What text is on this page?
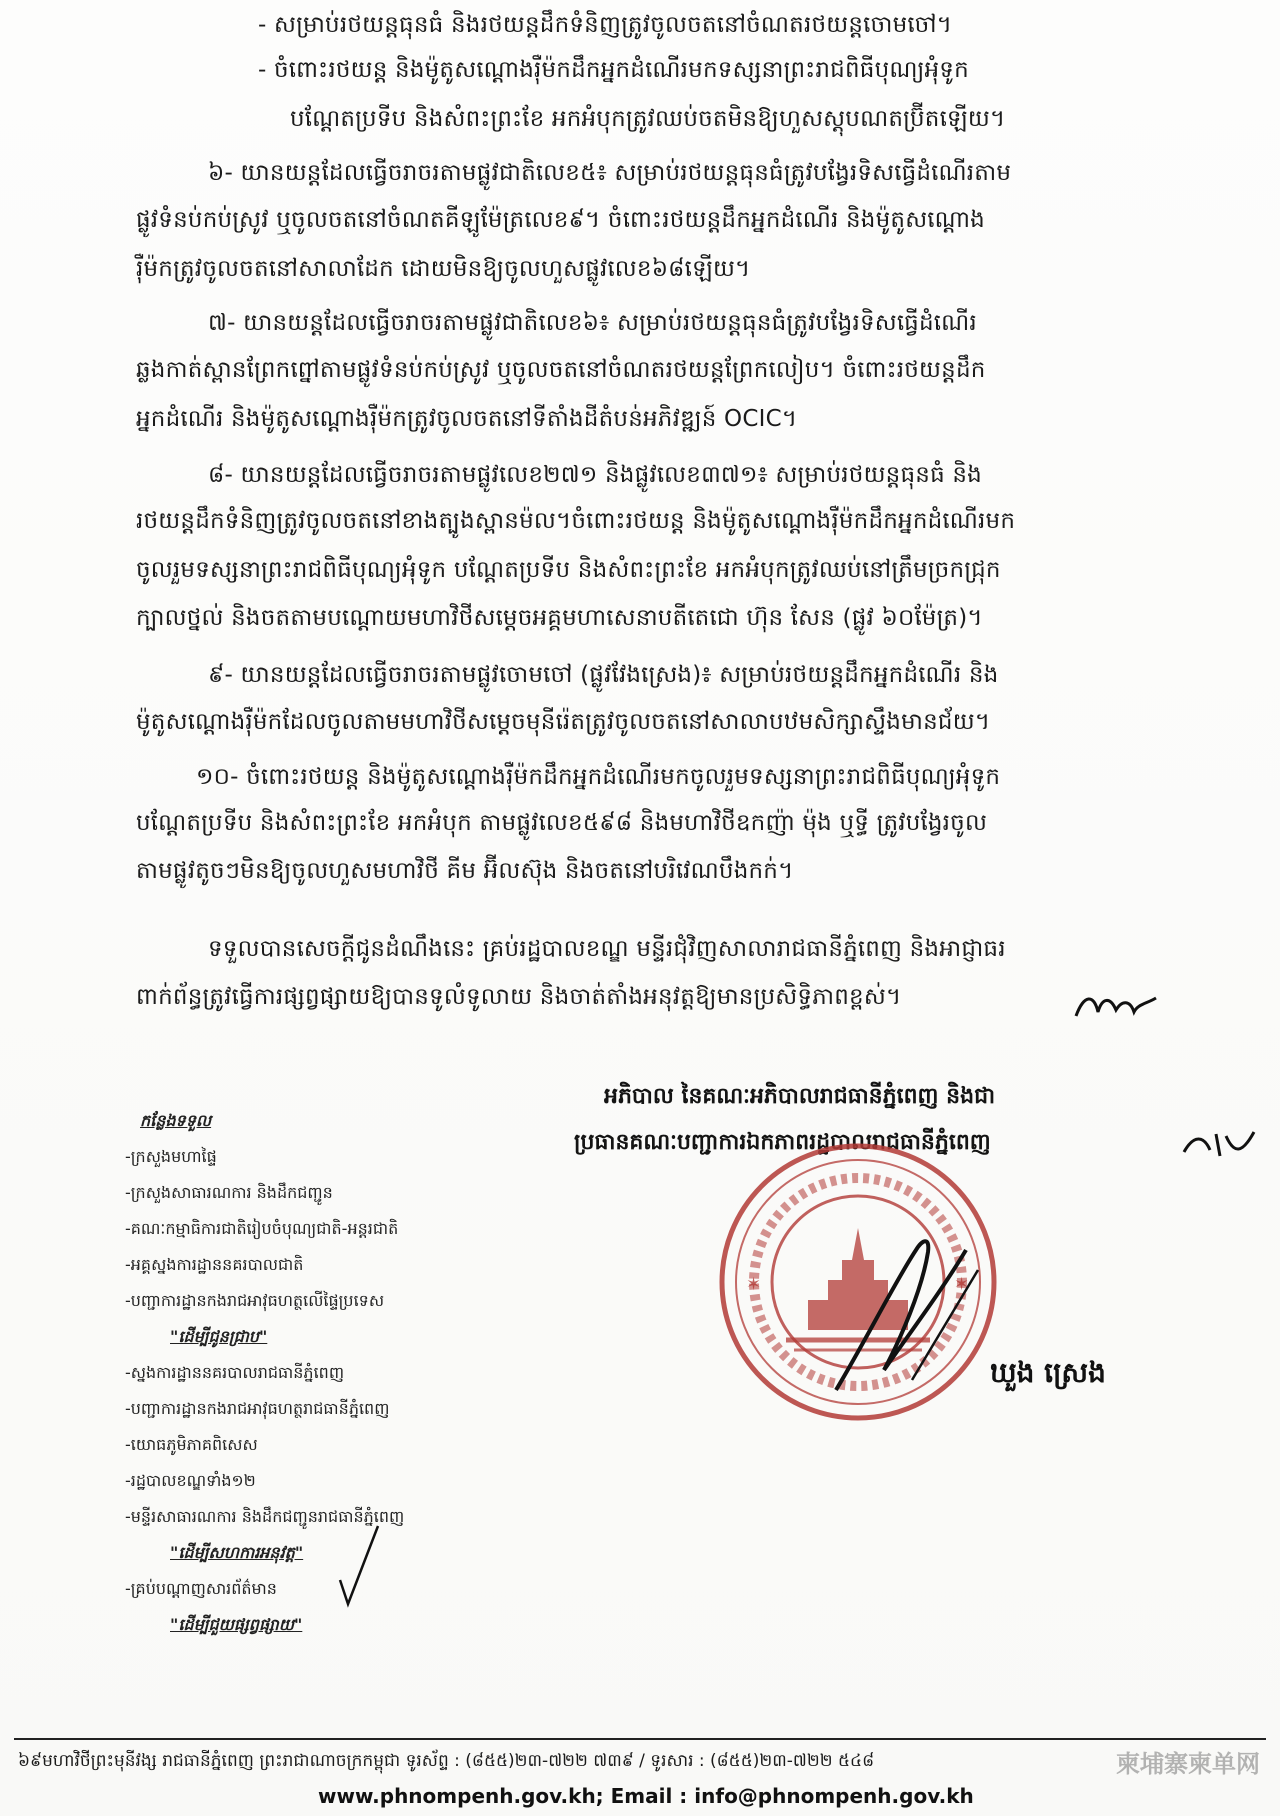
- សម្រាប់រថយន្តធុនធំ និងរថយន្តដឹកទំនិញត្រូវចូលចតនៅចំណតរថយន្តចោមចៅ។
- ចំពោះរថយន្ត និងម៉ូតូសណ្តោងរ៉ឺម៉កដឹកអ្នកដំណើរមកទស្សនាព្រះរាជពិធីបុណ្យអុំទូក
បណ្តែតប្រទីប និងសំពះព្រះខែ អកអំបុកត្រូវឈប់ចតមិនឱ្យហួសស្តុបណតប្រ៊ីតឡើយ។
៦- យានយន្តដែលធ្វើចរាចរតាមផ្លូវជាតិលេខ៥៖ សម្រាប់រថយន្តធុនធំត្រូវបង្វែរទិសធ្វើដំណើរតាម
ផ្លូវទំនប់កប់ស្រូវ ឬចូលចតនៅចំណតគីឡូម៉ែត្រលេខ៩។ ចំពោះរថយន្តដឹកអ្នកដំណើរ និងម៉ូតូសណ្តោង
រ៉ឺម៉កត្រូវចូលចតនៅសាលាដែក ដោយមិនឱ្យចូលហួសផ្លូវលេខ៦៨ឡើយ។
៧- យានយន្តដែលធ្វើចរាចរតាមផ្លូវជាតិលេខ៦៖ សម្រាប់រថយន្តធុនធំត្រូវបង្វែរទិសធ្វើដំណើរ
ឆ្លងកាត់ស្ពានព្រែកព្នៅតាមផ្លូវទំនប់កប់ស្រូវ ឬចូលចតនៅចំណតរថយន្តព្រែកលៀប។ ចំពោះរថយន្តដឹក
អ្នកដំណើរ និងម៉ូតូសណ្តោងរ៉ឺម៉កត្រូវចូលចតនៅទីតាំងដីតំបន់អភិវឌ្ឍន៍ OCIC។
៨- យានយន្តដែលធ្វើចរាចរតាមផ្លូវលេខ២៧១ និងផ្លូវលេខ៣៧១៖ សម្រាប់រថយន្តធុនធំ និង
រថយន្តដឹកទំនិញត្រូវចូលចតនៅខាងត្បូងស្ពានម៉ល។ចំពោះរថយន្ត និងម៉ូតូសណ្តោងរ៉ឺម៉កដឹកអ្នកដំណើរមក
ចូលរួមទស្សនាព្រះរាជពិធីបុណ្យអុំទូក បណ្តែតប្រទីប និងសំពះព្រះខែ អកអំបុកត្រូវឈប់នៅត្រឹមច្រកជ្រុក
ក្បាលថ្នល់ និងចតតាមបណ្តោយមហាវិថីសម្តេចអគ្គមហាសេនាបតីតេជោ ហ៊ុន សែន (ផ្លូវ ៦០ម៉ែត្រ)។
៩- យានយន្តដែលធ្វើចរាចរតាមផ្លូវចោមចៅ (ផ្លូវវែងស្រេង)៖ សម្រាប់រថយន្តដឹកអ្នកដំណើរ និង
ម៉ូតូសណ្តោងរ៉ឺម៉កដែលចូលតាមមហាវិថីសម្តេចមុនីរ៉េតត្រូវចូលចតនៅសាលាបឋមសិក្សាស្ទឹងមានជ័យ។
១០- ចំពោះរថយន្ត និងម៉ូតូសណ្តោងរ៉ឺម៉កដឹកអ្នកដំណើរមកចូលរួមទស្សនាព្រះរាជពិធីបុណ្យអុំទូក
បណ្តែតប្រទីប និងសំពះព្រះខែ អកអំបុក តាមផ្លូវលេខ៥៩៨ និងមហាវិថីឧកញ៉ា ម៉ុង ឬទ្ធី ត្រូវបង្វែរចូល
តាមផ្លូវតូចៗមិនឱ្យចូលហួសមហាវិថី គីម អ៊ីលស៊ុង និងចតនៅបរិវេណបឹងកក់។
ទទួលបានសេចក្តីជូនដំណឹងនេះ គ្រប់រដ្ឋបាលខណ្ឌ មន្ទីរជុំវិញសាលារាជធានីភ្នំពេញ និងអាជ្ញាធរ
ពាក់ព័ន្ធត្រូវធ្វើការផ្សព្វផ្សាយឱ្យបានទូលំទូលាយ និងចាត់តាំងអនុវត្តឱ្យមានប្រសិទ្ធិភាពខ្ពស់។
អភិបាល នៃគណៈអភិបាលរាជធានីភ្នំពេញ និងជា
ប្រធានគណៈបញ្ជាការឯកភាពរដ្ឋបាលរាជធានីភ្នំពេញ
✶	✶
ឃួង ស្រេង
កន្លែងទទួល
-ក្រសួងមហាផ្ទៃ
-ក្រសួងសាធារណការ និងដឹកជញ្ជូន
-គណៈកម្មាធិការជាតិរៀបចំបុណ្យជាតិ-អន្តរជាតិ
-អគ្គស្នងការដ្ឋាននគរបាលជាតិ
-បញ្ជាការដ្ឋានកងរាជអាវុធហត្ថលើផ្ទៃប្រទេស
"ដើម្បីជូនជ្រាប"
-ស្នងការដ្ឋាននគរបាលរាជធានីភ្នំពេញ
-បញ្ជាការដ្ឋានកងរាជអាវុធហត្ថរាជធានីភ្នំពេញ
-យោធភូមិភាគពិសេស
-រដ្ឋបាលខណ្ឌទាំង១២
-មន្ទីរសាធារណការ និងដឹកជញ្ជូនរាជធានីភ្នំពេញ
"ដើម្បីសហការអនុវត្ត"
-គ្រប់បណ្តាញសារព័ត៌មាន
"ដើម្បីជួយផ្សព្វផ្សាយ"
៦៩មហាវិថីព្រះមុនីវង្ស រាជធានីភ្នំពេញ ព្រះរាជាណាចក្រកម្ពុជា ទូរស័ព្ទ : (៨៥៥)២៣-៧២២ ៧៣៩ / ទូរសារ : (៨៥៥)២៣-៧២២ ៥៤៨
www.phnompenh.gov.kh; Email : info@phnompenh.gov.kh
柬埔寨柬单网
